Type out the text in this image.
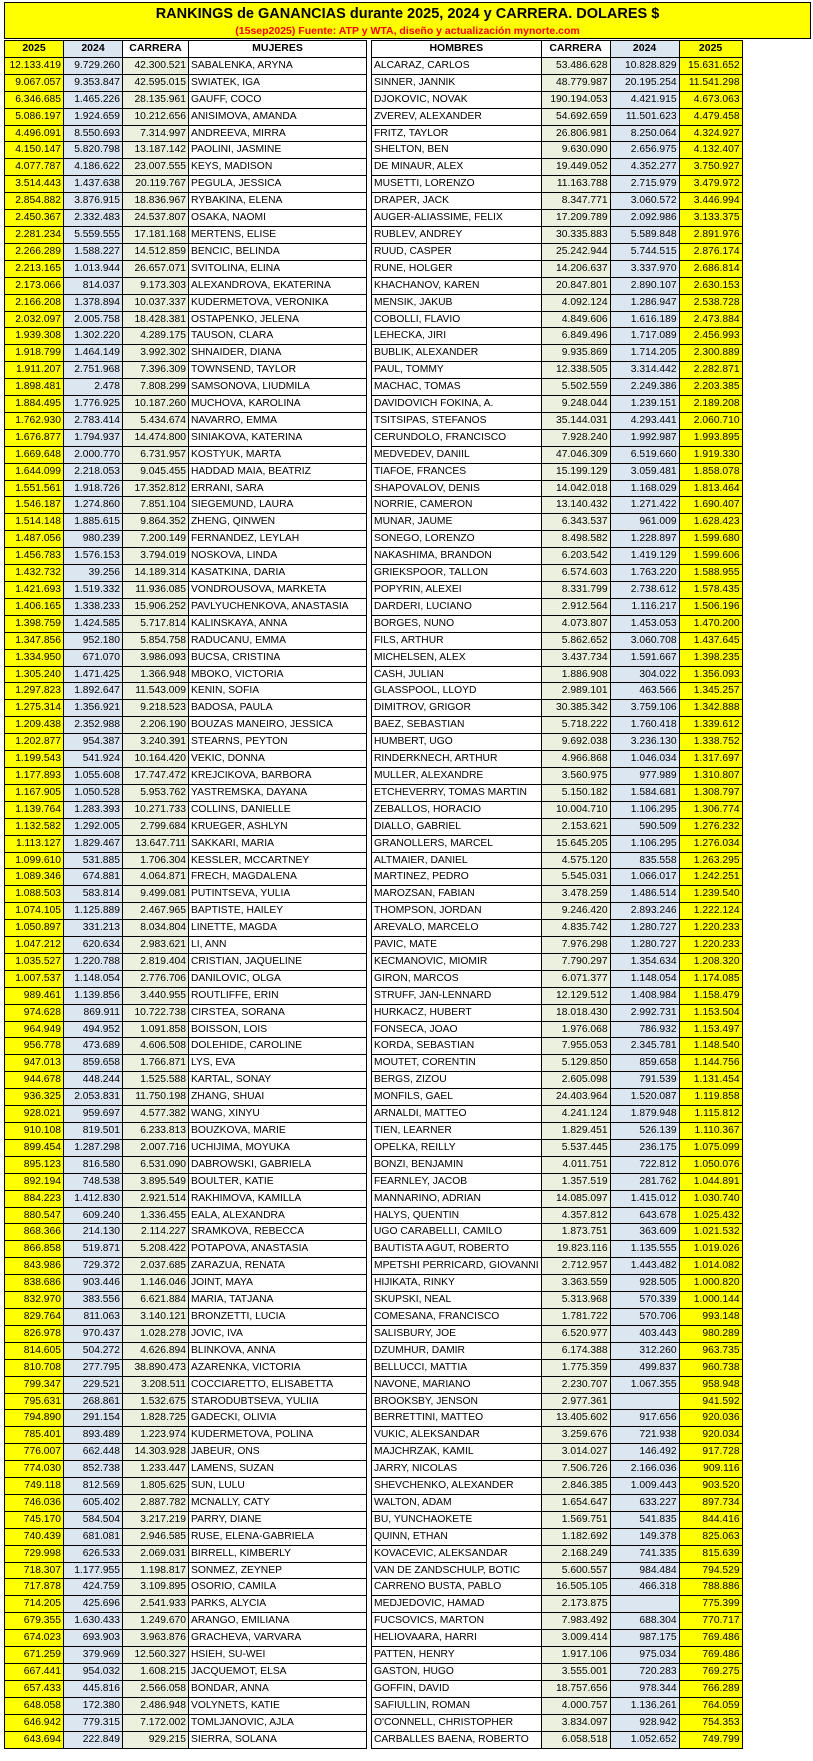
RANKINGS de GANANCIAS durante 2025, 2024 y CARRERA. DOLARES $
(15sep2025) Fuente: ATP y WTA, diseño y actualización mynorte.com
2025	2024	CARRERA	MUJERES		HOMBRES	CARRERA	2024	2025
12.133.419	9.729.260	42.300.521	SABALENKA, ARYNA		ALCARAZ, CARLOS	53.486.628	10.828.829	15.631.652
9.067.057	9.353.847	42.595.015	SWIATEK, IGA		SINNER, JANNIK	48.779.987	20.195.254	11.541.298
6.346.685	1.465.226	28.135.961	GAUFF, COCO		DJOKOVIC, NOVAK	190.194.053	4.421.915	4.673.063
5.086.197	1.924.659	10.212.656	ANISIMOVA, AMANDA		ZVEREV, ALEXANDER	54.692.659	11.501.623	4.479.458
4.496.091	8.550.693	7.314.997	ANDREEVA, MIRRA		FRITZ, TAYLOR	26.806.981	8.250.064	4.324.927
4.150.147	5.820.798	13.187.142	PAOLINI, JASMINE		SHELTON, BEN	9.630.090	2.656.975	4.132.407
4.077.787	4.186.622	23.007.555	KEYS, MADISON		DE MINAUR, ALEX	19.449.052	4.352.277	3.750.927
3.514.443	1.437.638	20.119.767	PEGULA, JESSICA		MUSETTI, LORENZO	11.163.788	2.715.979	3.479.972
2.854.882	3.876.915	18.836.967	RYBAKINA, ELENA		DRAPER, JACK	8.347.771	3.060.572	3.446.994
2.450.367	2.332.483	24.537.807	OSAKA, NAOMI		AUGER-ALIASSIME, FELIX	17.209.789	2.092.986	3.133.375
2.281.234	5.559.555	17.181.168	MERTENS, ELISE		RUBLEV, ANDREY	30.335.883	5.589.848	2.891.976
2.266.289	1.588.227	14.512.859	BENCIC, BELINDA		RUUD, CASPER	25.242.944	5.744.515	2.876.174
2.213.165	1.013.944	26.657.071	SVITOLINA, ELINA		RUNE, HOLGER	14.206.637	3.337.970	2.686.814
2.173.066	814.037	9.173.303	ALEXANDROVA, EKATERINA		KHACHANOV, KAREN	20.847.801	2.890.107	2.630.153
2.166.208	1.378.894	10.037.337	KUDERMETOVA, VERONIKA		MENSIK, JAKUB	4.092.124	1.286.947	2.538.728
2.032.097	2.005.758	18.428.381	OSTAPENKO, JELENA		COBOLLI, FLAVIO	4.849.606	1.616.189	2.473.884
1.939.308	1.302.220	4.289.175	TAUSON, CLARA		LEHECKA, JIRI	6.849.496	1.717.089	2.456.993
1.918.799	1.464.149	3.992.302	SHNAIDER, DIANA		BUBLIK, ALEXANDER	9.935.869	1.714.205	2.300.889
1.911.207	2.751.968	7.396.309	TOWNSEND, TAYLOR		PAUL, TOMMY	12.338.505	3.314.442	2.282.871
1.898.481	2.478	7.808.299	SAMSONOVA, LIUDMILA		MACHAC, TOMAS	5.502.559	2.249.386	2.203.385
1.884.495	1.776.925	10.187.260	MUCHOVA, KAROLINA		DAVIDOVICH FOKINA, A.	9.248.044	1.239.151	2.189.208
1.762.930	2.783.414	5.434.674	NAVARRO, EMMA		TSITSIPAS, STEFANOS	35.144.031	4.293.441	2.060.710
1.676.877	1.794.937	14.474.800	SINIAKOVA, KATERINA		CERUNDOLO, FRANCISCO	7.928.240	1.992.987	1.993.895
1.669.648	2.000.770	6.731.957	KOSTYUK, MARTA		MEDVEDEV, DANIIL	47.046.309	6.519.660	1.919.330
1.644.099	2.218.053	9.045.455	HADDAD MAIA, BEATRIZ		TIAFOE, FRANCES	15.199.129	3.059.481	1.858.078
1.551.561	1.918.726	17.352.812	ERRANI, SARA		SHAPOVALOV, DENIS	14.042.018	1.168.029	1.813.464
1.546.187	1.274.860	7.851.104	SIEGEMUND, LAURA		NORRIE, CAMERON	13.140.432	1.271.422	1.690.407
1.514.148	1.885.615	9.864.352	ZHENG, QINWEN		MUNAR, JAUME	6.343.537	961.009	1.628.423
1.487.056	980.239	7.200.149	FERNANDEZ, LEYLAH		SONEGO, LORENZO	8.498.582	1.228.897	1.599.680
1.456.783	1.576.153	3.794.019	NOSKOVA, LINDA		NAKASHIMA, BRANDON	6.203.542	1.419.129	1.599.606
1.432.732	39.256	14.189.314	KASATKINA, DARIA		GRIEKSPOOR, TALLON	6.574.603	1.763.220	1.588.955
1.421.693	1.519.332	11.936.085	VONDROUSOVA, MARKETA		POPYRIN, ALEXEI	8.331.799	2.738.612	1.578.435
1.406.165	1.338.233	15.906.252	PAVLYUCHENKOVA, ANASTASIA		DARDERI, LUCIANO	2.912.564	1.116.217	1.506.196
1.398.759	1.424.585	5.717.814	KALINSKAYA, ANNA		BORGES, NUNO	4.073.807	1.453.053	1.470.200
1.347.856	952.180	5.854.758	RADUCANU, EMMA		FILS, ARTHUR	5.862.652	3.060.708	1.437.645
1.334.950	671.070	3.986.093	BUCSA, CRISTINA		MICHELSEN, ALEX	3.437.734	1.591.667	1.398.235
1.305.240	1.471.425	1.366.948	MBOKO, VICTORIA		CASH, JULIAN	1.886.908	304.022	1.356.093
1.297.823	1.892.647	11.543.009	KENIN, SOFIA		GLASSPOOL, LLOYD	2.989.101	463.566	1.345.257
1.275.314	1.356.921	9.218.523	BADOSA, PAULA		DIMITROV, GRIGOR	30.385.342	3.759.106	1.342.888
1.209.438	2.352.988	2.206.190	BOUZAS MANEIRO, JESSICA		BAEZ, SEBASTIAN	5.718.222	1.760.418	1.339.612
1.202.877	954.387	3.240.391	STEARNS, PEYTON		HUMBERT, UGO	9.692.038	3.236.130	1.338.752
1.199.543	541.924	10.164.420	VEKIC, DONNA		RINDERKNECH, ARTHUR	4.966.868	1.046.034	1.317.697
1.177.893	1.055.608	17.747.472	KREJCIKOVA, BARBORA		MULLER, ALEXANDRE	3.560.975	977.989	1.310.807
1.167.905	1.050.528	5.953.762	YASTREMSKA, DAYANA		ETCHEVERRY, TOMAS MARTIN	5.150.182	1.584.681	1.308.797
1.139.764	1.283.393	10.271.733	COLLINS, DANIELLE		ZEBALLOS, HORACIO	10.004.710	1.106.295	1.306.774
1.132.582	1.292.005	2.799.684	KRUEGER, ASHLYN		DIALLO, GABRIEL	2.153.621	590.509	1.276.232
1.113.127	1.829.467	13.647.711	SAKKARI, MARIA		GRANOLLERS, MARCEL	15.645.205	1.106.295	1.276.034
1.099.610	531.885	1.706.304	KESSLER, MCCARTNEY		ALTMAIER, DANIEL	4.575.120	835.558	1.263.295
1.089.346	674.881	4.064.871	FRECH, MAGDALENA		MARTINEZ, PEDRO	5.545.031	1.066.017	1.242.251
1.088.503	583.814	9.499.081	PUTINTSEVA, YULIA		MAROZSAN, FABIAN	3.478.259	1.486.514	1.239.540
1.074.105	1.125.889	2.467.965	BAPTISTE, HAILEY		THOMPSON, JORDAN	9.246.420	2.893.246	1.222.124
1.050.897	331.213	8.034.804	LINETTE, MAGDA		AREVALO, MARCELO	4.835.742	1.280.727	1.220.233
1.047.212	620.634	2.983.621	LI, ANN		PAVIC, MATE	7.976.298	1.280.727	1.220.233
1.035.527	1.220.788	2.819.404	CRISTIAN, JAQUELINE		KECMANOVIC, MIOMIR	7.790.297	1.354.634	1.208.320
1.007.537	1.148.054	2.776.706	DANILOVIC, OLGA		GIRON, MARCOS	6.071.377	1.148.054	1.174.085
989.461	1.139.856	3.440.955	ROUTLIFFE, ERIN		STRUFF, JAN-LENNARD	12.129.512	1.408.984	1.158.479
974.628	869.911	10.722.738	CIRSTEA, SORANA		HURKACZ, HUBERT	18.018.430	2.992.731	1.153.504
964.949	494.952	1.091.858	BOISSON, LOIS		FONSECA, JOAO	1.976.068	786.932	1.153.497
956.778	473.689	4.606.508	DOLEHIDE, CAROLINE		KORDA, SEBASTIAN	7.955.053	2.345.781	1.148.540
947.013	859.658	1.766.871	LYS, EVA		MOUTET, CORENTIN	5.129.850	859.658	1.144.756
944.678	448.244	1.525.588	KARTAL, SONAY		BERGS, ZIZOU	2.605.098	791.539	1.131.454
936.325	2.053.831	11.750.198	ZHANG, SHUAI		MONFILS, GAEL	24.403.964	1.520.087	1.119.858
928.021	959.697	4.577.382	WANG, XINYU		ARNALDI, MATTEO	4.241.124	1.879.948	1.115.812
910.108	819.501	6.233.813	BOUZKOVA, MARIE		TIEN, LEARNER	1.829.451	526.139	1.110.367
899.454	1.287.298	2.007.716	UCHIJIMA, MOYUKA		OPELKA, REILLY	5.537.445	236.175	1.075.099
895.123	816.580	6.531.090	DABROWSKI, GABRIELA		BONZI, BENJAMIN	4.011.751	722.812	1.050.076
892.194	748.538	3.895.549	BOULTER, KATIE		FEARNLEY, JACOB	1.357.519	281.762	1.044.891
884.223	1.412.830	2.921.514	RAKHIMOVA, KAMILLA		MANNARINO, ADRIAN	14.085.097	1.415.012	1.030.740
880.547	609.240	1.336.455	EALA, ALEXANDRA		HALYS, QUENTIN	4.357.812	643.678	1.025.432
868.366	214.130	2.114.227	SRAMKOVA, REBECCA		UGO CARABELLI, CAMILO	1.873.751	363.609	1.021.532
866.858	519.871	5.208.422	POTAPOVA, ANASTASIA		BAUTISTA AGUT, ROBERTO	19.823.116	1.135.555	1.019.026
843.986	729.372	2.037.685	ZARAZUA, RENATA		MPETSHI PERRICARD, GIOVANNI	2.712.957	1.443.482	1.014.082
838.686	903.446	1.146.046	JOINT, MAYA		HIJIKATA, RINKY	3.363.559	928.505	1.000.820
832.970	383.556	6.621.884	MARIA, TATJANA		SKUPSKI, NEAL	5.313.968	570.339	1.000.144
829.764	811.063	3.140.121	BRONZETTI, LUCIA		COMESANA, FRANCISCO	1.781.722	570.706	993.148
826.978	970.437	1.028.278	JOVIC, IVA		SALISBURY, JOE	6.520.977	403.443	980.289
814.605	504.272	4.626.894	BLINKOVA, ANNA		DZUMHUR, DAMIR	6.174.388	312.260	963.735
810.708	277.795	38.890.473	AZARENKA, VICTORIA		BELLUCCI, MATTIA	1.775.359	499.837	960.738
799.347	229.521	3.208.511	COCCIARETTO, ELISABETTA		NAVONE, MARIANO	2.230.707	1.067.355	958.948
795.631	268.861	1.532.675	STARODUBTSEVA, YULIIA		BROOKSBY, JENSON	2.977.361		941.592
794.890	291.154	1.828.725	GADECKI, OLIVIA		BERRETTINI, MATTEO	13.405.602	917.656	920.036
785.401	893.489	1.223.974	KUDERMETOVA, POLINA		VUKIC, ALEKSANDAR	3.259.676	721.938	920.034
776.007	662.448	14.303.928	JABEUR, ONS		MAJCHRZAK, KAMIL	3.014.027	146.492	917.728
774.030	852.738	1.233.447	LAMENS, SUZAN		JARRY, NICOLAS	7.506.726	2.166.036	909.116
749.118	812.569	1.805.625	SUN, LULU		SHEVCHENKO, ALEXANDER	2.846.385	1.009.443	903.520
746.036	605.402	2.887.782	MCNALLY, CATY		WALTON, ADAM	1.654.647	633.227	897.734
745.170	584.504	3.217.219	PARRY, DIANE		BU, YUNCHAOKETE	1.569.751	541.835	844.416
740.439	681.081	2.946.585	RUSE, ELENA-GABRIELA		QUINN, ETHAN	1.182.692	149.378	825.063
729.998	626.533	2.069.031	BIRRELL, KIMBERLY		KOVACEVIC, ALEKSANDAR	2.168.249	741.335	815.639
718.307	1.177.955	1.198.817	SONMEZ, ZEYNEP		VAN DE ZANDSCHULP, BOTIC	5.600.557	984.484	794.529
717.878	424.759	3.109.895	OSORIO, CAMILA		CARRENO BUSTA, PABLO	16.505.105	466.318	788.886
714.205	425.696	2.541.933	PARKS, ALYCIA		MEDJEDOVIC, HAMAD	2.173.875		775.399
679.355	1.630.433	1.249.670	ARANGO, EMILIANA		FUCSOVICS, MARTON	7.983.492	688.304	770.717
674.023	693.903	3.963.876	GRACHEVA, VARVARA		HELIOVAARA, HARRI	3.009.414	987.175	769.486
671.259	379.969	12.560.327	HSIEH, SU-WEI		PATTEN, HENRY	1.917.106	975.034	769.486
667.441	954.032	1.608.215	JACQUEMOT, ELSA		GASTON, HUGO	3.555.001	720.283	769.275
657.433	445.816	2.566.058	BONDAR, ANNA		GOFFIN, DAVID	18.757.656	978.344	766.289
648.058	172.380	2.486.948	VOLYNETS, KATIE		SAFIULLIN, ROMAN	4.000.757	1.136.261	764.059
646.942	779.315	7.172.002	TOMLJANOVIC, AJLA		O'CONNELL, CHRISTOPHER	3.834.097	928.942	754.353
643.694	222.849	929.215	SIERRA, SOLANA		CARBALLES BAENA, ROBERTO	6.058.518	1.052.652	749.799
